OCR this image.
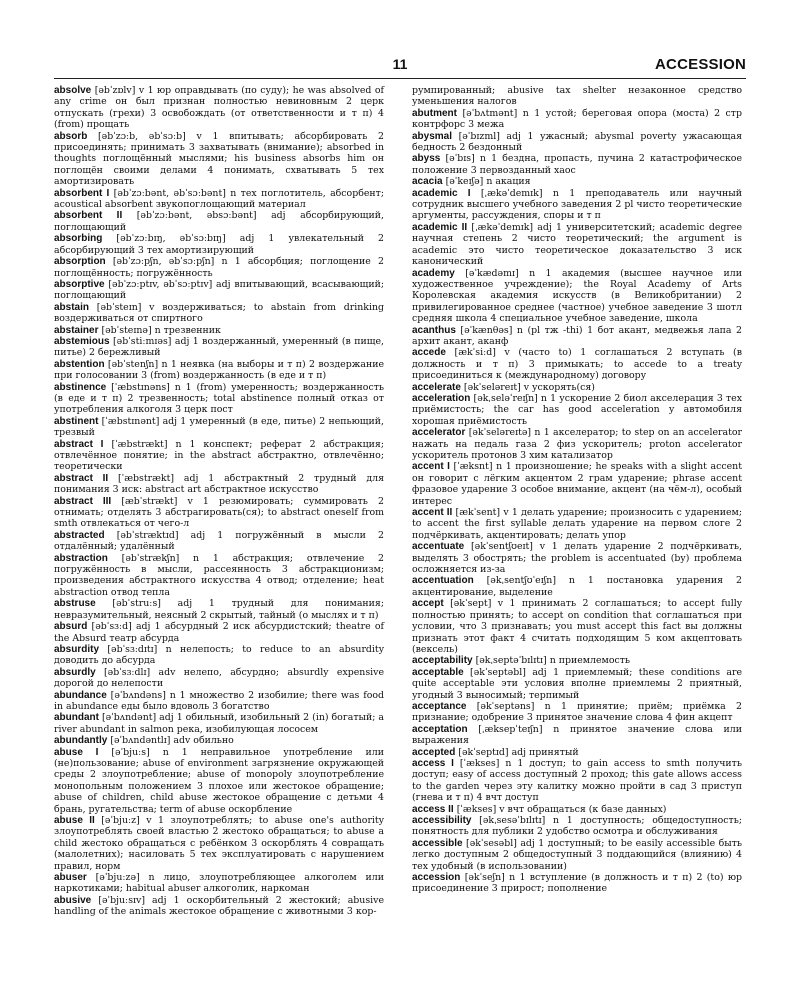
11	ACCESSION

absolve [əbˈzɒlv] v 1 юр оправдывать (по суду); he was absolved of any crime он был признан полностью невиновным 2 церк отпускать (грехи) 3 освобождать (от ответственности и т п) 4 (from) прощать

absorb [əbˈzɔːb, əbˈsɔːb] v 1 впитывать; абсорбировать 2 присоединять; принимать 3 захватывать (внимание); absorbed in thoughts поглощённый мыслями; his business absorbs him он поглощён своими делами 4 понимать, схватывать 5 тех амортизировать

absorbent I [əbˈzɔːbənt, əbˈsɔːbənt] n тех поглотитель, абсорбент; acoustical absorbent звукопоглощающий материал

absorbent II [əbˈzɔːbənt, əbsɔːbənt] adj абсорбирующий, поглощающий

absorbing [əbˈzɔːbɪŋ, əbˈsɔːbɪŋ] adj 1 увлекательный 2 абсорбирующий 3 тех амортизирующий

absorption [əbˈzɔːpʃn, əbˈsɔːpʃn] n 1 абсорбция; поглощение 2 поглощённость; погружённость

absorptive [əbˈzɔːptɪv, əbˈsɔːptɪv] adj впитывающий, всасывающий; поглощающий

abstain [əbˈsteɪn] v воздерживаться; to abstain from drinking воздерживаться от спиртного

abstainer [əbˈsteɪnə] n трезвенник

abstemious [əbˈstiːmɪəs] adj 1 воздержанный, умеренный (в пище, питье) 2 бережливый

abstention [əbˈstenʃn] n 1 неявка (на выборы и т п) 2 воздержание при голосовании 3 (from) воздержанность (в еде и т п)

abstinence [ˈæbstɪnəns] n 1 (from) умеренность; воздержанность (в еде и т п) 2 трезвенность; total abstinence полный отказ от употребления алкоголя 3 церк пост

abstinent [ˈæbstɪnənt] adj 1 умеренный (в еде, питье) 2 непьющий, трезвый

abstract I [ˈæbstrækt] n 1 конспект; реферат 2 абстракция; отвлечённое понятие; in the abstract абстрактно, отвлечённо; теоретически

abstract II [ˈæbstrækt] adj 1 абстрактный 2 трудный для понимания 3 иск: abstract art абстрактное искусство

abstract III [æbˈstrækt] v 1 резюмировать; суммировать 2 отнимать; отделять 3 абстрагировать(ся); to abstract oneself from smth отвлекаться от чего-л

abstracted [əbˈstræktɪd] adj 1 погружённый в мысли 2 отдалённый; удалённый

abstraction [əbˈstrækʃn] n 1 абстракция; отвлечение 2 погружённость в мысли, рассеянность 3 абстракционизм; произведения абстрактного искусства 4 отвод; отделение; heat abstraction отвод тепла

abstruse [əbˈstruːs] adj 1 трудный для понимания; невразумительный, неясный 2 скрытый, тайный (о мыслях и т п)

absurd [əbˈsɜːd] adj 1 абсурдный 2 иск абсурдистский; theatre of the Absurd театр абсурда

absurdity [əbˈsɜːdɪtɪ] n нелепость; to reduce to an absurdity доводить до абсурда

absurdly [əbˈsɜːdlɪ] adv нелепо, абсурдно; absurdly expensive дорогой до нелепости

abundance [əˈbʌndəns] n 1 множество 2 изобилие; there was food in abundance еды было вдоволь 3 богатство

abundant [əˈbʌndənt] adj 1 обильный, изобильный 2 (in) богатый; a river abundant in salmon река, изобилующая лососем

abundantly [əˈbʌndəntlɪ] adv обильно

abuse I [əˈbjuːs] n 1 неправильное употребление или (не)пользование; abuse of environment загрязнение окружающей среды 2 злоупотребление; abuse of monopoly злоупотребление монопольным положением 3 плохое или жестокое обращение; abuse of children, child abuse жестокое обращение с детьми 4 брань, ругательства; term of abuse оскорбление

abuse II [əˈbjuːz] v 1 злоупотреблять; to abuse one's authority злоупотреблять своей властью 2 жестоко обращаться; to abuse a child жестоко обращаться с ребёнком 3 оскорблять 4 совращать (малолетних); насиловать 5 тех эксплуатировать с нарушением правил, норм

abuser [əˈbjuːzə] n лицо, злоупотребляющее алкоголем или наркотиками; habitual abuser алкоголик, наркоман

abusive [əˈbjuːsɪv] adj 1 оскорбительный 2 жестокий; abusive handling of the animals жестокое обращение с животными 3 кор-

румпированный; abusive tax shelter незаконное средство уменьшения налогов

abutment [əˈbʌtmənt] n 1 устой; береговая опора (моста) 2 стр контрфорс 3 межа

abysmal [əˈbɪzml] adj 1 ужасный; abysmal poverty ужасающая бедность 2 бездонный

abyss [əˈbɪs] n 1 бездна, пропасть, пучина 2 катастрофическое положение 3 первозданный хаос

acacia [əˈkeɪʃə] n акация

academic I [ˌækəˈdemɪk] n 1 преподаватель или научный сотрудник высшего учебного заведения 2 pl чисто теоретические аргументы, рассуждения, споры и т п

academic II [ˌækəˈdemɪk] adj 1 университетский; academic degree научная степень 2 чисто теоретический; the argument is academic это чисто теоретическое доказательство 3 иск канонический

academy [əˈkædəmɪ] n 1 академия (высшее научное или художественное учреждение); the Royal Academy of Arts Королевская академия искусств (в Великобритании) 2 привилегированное среднее (частное) учебное заведение 3 шотл средняя школа 4 специальное учебное заведение, школа

acanthus [əˈkænθəs] n (pl тж -thi) 1 бот акант, медвежья лапа 2 архит акант, аканф

accede [ækˈsiːd] v (часто to) 1 соглашаться 2 вступать (в должность и т п) 3 примыкать; to accede to a treaty присоединиться к (международному) договору

accelerate [əkˈseləreɪt] v ускорять(ся)

acceleration [əkˌseləˈreɪʃn] n 1 ускорение 2 биол акселерация 3 тех приёмистость; the car has good acceleration у автомобиля хорошая приёмистость

accelerator [əkˈseləreɪtə] n 1 акселератор; to step on an accelerator нажать на педаль газа 2 физ ускоритель; proton accelerator ускоритель протонов 3 хим катализатор

accent I [ˈæksnt] n 1 произношение; he speaks with a slight accent он говорит с лёгким акцентом 2 грам ударение; phrase accent фразовое ударение 3 особое внимание, акцент (на чём-л), особый интерес

accent II [ækˈsent] v 1 делать ударение; произносить с ударением; to accent the first syllable делать ударение на первом слоге 2 подчёркивать, акцентировать; делать упор

accentuate [əkˈsentʃʊeɪt] v 1 делать ударение 2 подчёркивать, выделять 3 обострять; the problem is accentuated (by) проблема осложняется из-за

accentuation [əkˌsentʃʊˈeɪʃn] n 1 постановка ударения 2 акцентирование, выделение

accept [əkˈsept] v 1 принимать 2 соглашаться; to accept fully полностью принять; to accept on condition that соглашаться при условии, что 3 признавать; you must accept this fact вы должны признать этот факт 4 считать подходящим 5 ком акцептовать (вексель)

acceptability [əkˌseptəˈbɪlɪtɪ] n приемлемость

acceptable [əkˈseptəbl] adj 1 приемлемый; these conditions are quite acceptable эти условия вполне приемлемы 2 приятный, угодный 3 выносимый; терпимый

acceptance [əkˈseptəns] n 1 принятие; приём; приёмка 2 признание; одобрение 3 принятое значение слова 4 фин акцепт

acceptation [ˌæksepˈteɪʃn] n принятое значение слова или выражения

accepted [əkˈseptɪd] adj принятый

access I [ˈækses] n 1 доступ; to gain access to smth получить доступ; easy of access доступный 2 проход; this gate allows access to the garden через эту калитку можно пройти в сад 3 приступ (гнева и т п) 4 вчт доступ

access II [ˈækses] v вчт обращаться (к базе данных)

accessibility [əkˌsesəˈbɪlɪtɪ] n 1 доступность; общедоступность; понятность для публики 2 удобство осмотра и обслуживания

accessible [əkˈsesəbl] adj 1 доступный; to be easily accessible быть легко доступным 2 общедоступный 3 поддающийся (влиянию) 4 тех удобный (в использовании)

accession [əkˈseʃn] n 1 вступление (в должность и т п) 2 (to) юр присоединение 3 прирост; пополнение
